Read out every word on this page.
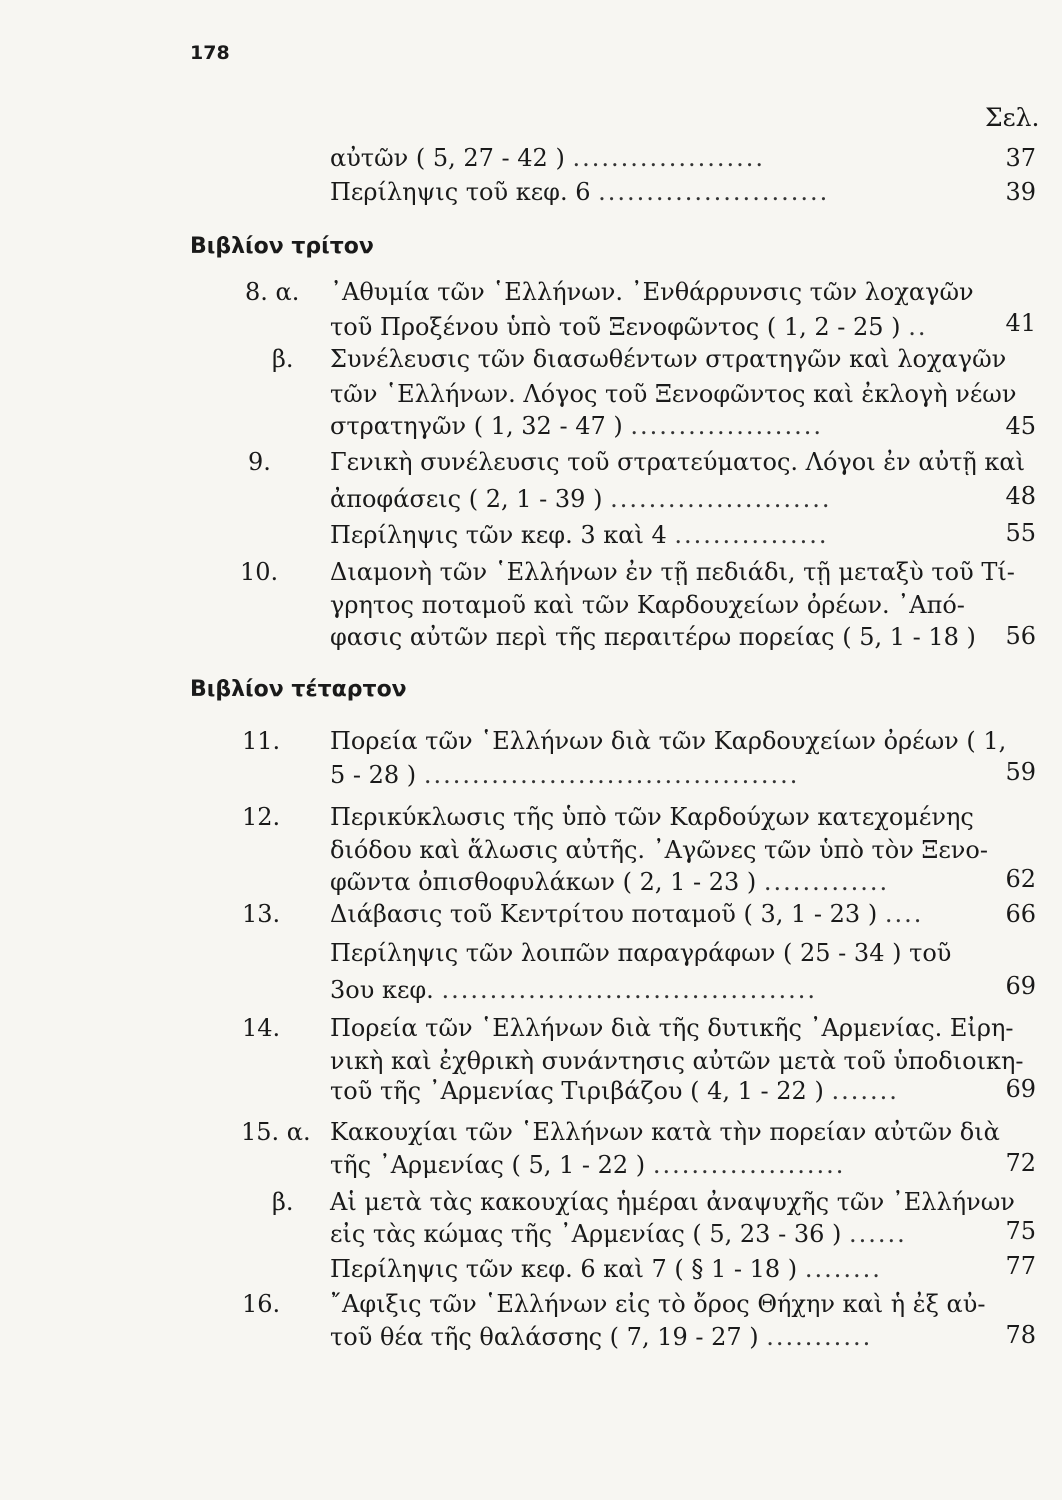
178
Σελ.
αὐτῶν ( 5, 27 - 42 ) ....................	37
Περίληψις τοῦ κεφ. 6 ........................	39
Βιβλίον τρίτον
8. α. ᾿Αθυμία τῶν ῾Ελλήνων. ᾿Ενθάρρυνσις τῶν λοχαγῶν
τοῦ Προξένου ὑπὸ τοῦ Ξενοφῶντος ( 1, 2 - 25 ) ..	41
β. Συνέλευσις τῶν διασωθέντων στρατηγῶν καὶ λοχαγῶν
τῶν ῾Ελλήνων. Λόγος τοῦ Ξενοφῶντος καὶ ἐκλογὴ νέων
στρατηγῶν ( 1, 32 - 47 ) ....................	45
9. Γενικὴ συνέλευσις τοῦ στρατεύματος. Λόγοι ἐν αὐτῇ καὶ
ἀποφάσεις ( 2, 1 - 39 ) .......................	48
Περίληψις τῶν κεφ. 3 καὶ 4 ................	55
10. Διαμονὴ τῶν ῾Ελλήνων ἐν τῇ πεδιάδι, τῇ μεταξὺ τοῦ Τί-
γρητος ποταμοῦ καὶ τῶν Καρδουχείων ὀρέων. ᾿Από-
φασις αὐτῶν περὶ τῆς περαιτέρω πορείας ( 5, 1 - 18 )	56
Βιβλίον τέταρτον
11. Πορεία τῶν ῾Ελλήνων διὰ τῶν Καρδουχείων ὀρέων ( 1,
5 - 28 ) .......................................	59
12. Περικύκλωσις τῆς ὑπὸ τῶν Καρδούχων κατεχομένης
διόδου καὶ ἅλωσις αὐτῆς. ᾿Αγῶνες τῶν ὑπὸ τὸν Ξενο-
φῶντα ὀπισθοφυλάκων ( 2, 1 - 23 ) .............	62
13. Διάβασις τοῦ Κεντρίτου ποταμοῦ ( 3, 1 - 23 ) ....	66
Περίληψις τῶν λοιπῶν παραγράφων ( 25 - 34 ) τοῦ
3ου κεφ. .......................................	69
14. Πορεία τῶν ῾Ελλήνων διὰ τῆς δυτικῆς ᾿Αρμενίας. Εἰρη-
νικὴ καὶ ἐχθρικὴ συνάντησις αὐτῶν μετὰ τοῦ ὑποδιοικη-
τοῦ τῆς ᾿Αρμενίας Τιριβάζου ( 4, 1 - 22 ) .......	69
15. α. Κακουχίαι τῶν ῾Ελλήνων κατὰ τὴν πορείαν αὐτῶν διὰ
τῆς ᾿Αρμενίας ( 5, 1 - 22 ) ....................	72
β. Αἱ μετὰ τὰς κακουχίας ἡμέραι ἀναψυχῆς τῶν ᾿Ελλήνων
εἰς τὰς κώμας τῆς ᾿Αρμενίας ( 5, 23 - 36 ) ......	75
Περίληψις τῶν κεφ. 6 καὶ 7 ( § 1 - 18 ) ........	77
16. ῎Αφιξις τῶν ῾Ελλήνων εἰς τὸ ὄρος Θήχην καὶ ἡ ἐξ αὐ-
τοῦ θέα τῆς θαλάσσης ( 7, 19 - 27 ) ...........	78
